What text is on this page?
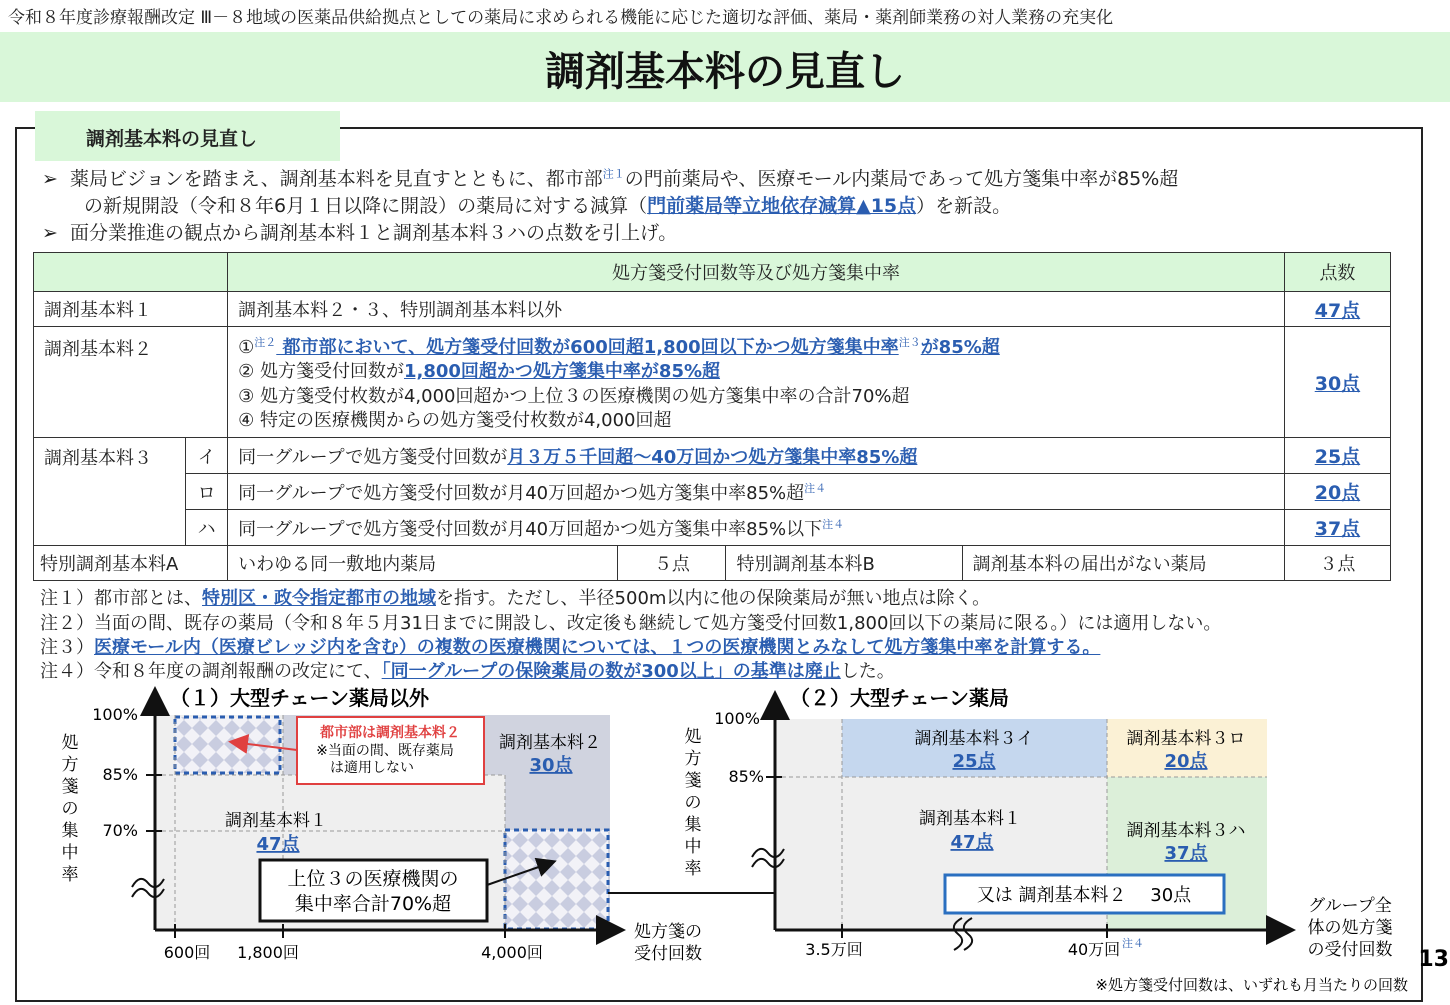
令和８年度診療報酬改定 Ⅲ－８地域の医薬品供給拠点としての薬局に求められる機能に応じた適切な評価、薬局・薬剤師業務の対人業務の充実化
調剤基本料の見直し
調剤基本料の見直し
➢ 薬局ビジョンを踏まえ、調剤基本料を見直すとともに、都市部$^{注1}$の門前薬局や、医療モール内薬局であって処方箋集中率が85%超
の新規開設（令和８年6月１日以降に開設）の薬局に対する減算（門前薬局等立地依存減算▲15点）を新設。
➢ 面分業推進の観点から調剤基本料１と調剤基本料３ハの点数を引上げ。
		処方箋受付回数等及び処方箋集中率				点数
調剤基本料１		調剤基本料２・３、特別調剤基本料以外				47点
調剤基本料２		①$^{注2}$ 都市部において、処方箋受付回数が600回超1,800回以下かつ処方箋集中率$^{注3}$が85%超
② 処方箋受付回数が1,800回超かつ処方箋集中率が85%超
③ 処方箋受付枚数が4,000回超かつ上位３の医療機関の処方箋集中率の合計70%超
④ 特定の医療機関からの処方箋受付枚数が4,000回超				30点
調剤基本料３	イ	同一グループで処方箋受付回数が月３万５千回超～40万回かつ処方箋集中率85%超				25点
	ロ	同一グループで処方箋受付回数が月40万回超かつ処方箋集中率85%超$^{注4}$				20点
	ハ	同一グループで処方箋受付回数が月40万回超かつ処方箋集中率85%以下$^{注4}$				37点
特別調剤基本料A		いわゆる同一敷地内薬局	５点	特別調剤基本料B	調剤基本料の届出がない薬局	３点
注１）都市部とは、特別区・政令指定都市の地域を指す。ただし、半径500m以内に他の保険薬局が無い地点は除く。
注２）当面の間、既存の薬局（令和８年５月31日までに開設し、改定後も継続して処方箋受付回数1,800回以下の薬局に限る。）には適用しない。
注３）医療モール内（医療ビレッジ内を含む）の複数の医療機関については、１つの医療機関とみなして処方箋集中率を計算する。
注４）令和８年度の調剤報酬の改定にて、「同一グループの保険薬局の数が300以上」の基準は廃止した。
（１）大型チェーン薬局以外
100%
85%
70%
600回 1,800回	4,000回
処方箋の
受付回数
処方箋の集中率
都市部は調剤基本料２
※当面の間、既存薬局
は適用しない
調剤基本料２
30点
調剤基本料１
47点
上位３の医療機関の
集中率合計70%超
（２）大型チェーン薬局
100%
85%
3.5万回	40万回 注４
グループ全
体の処方箋
の受付回数
処方箋の集中率
調剤基本料３イ
25点
調剤基本料３ロ
20点
調剤基本料１
47点
調剤基本料３ハ
37点
又は 調剤基本料２　 30点
※処方箋受付回数は、いずれも月当たりの回数
13
